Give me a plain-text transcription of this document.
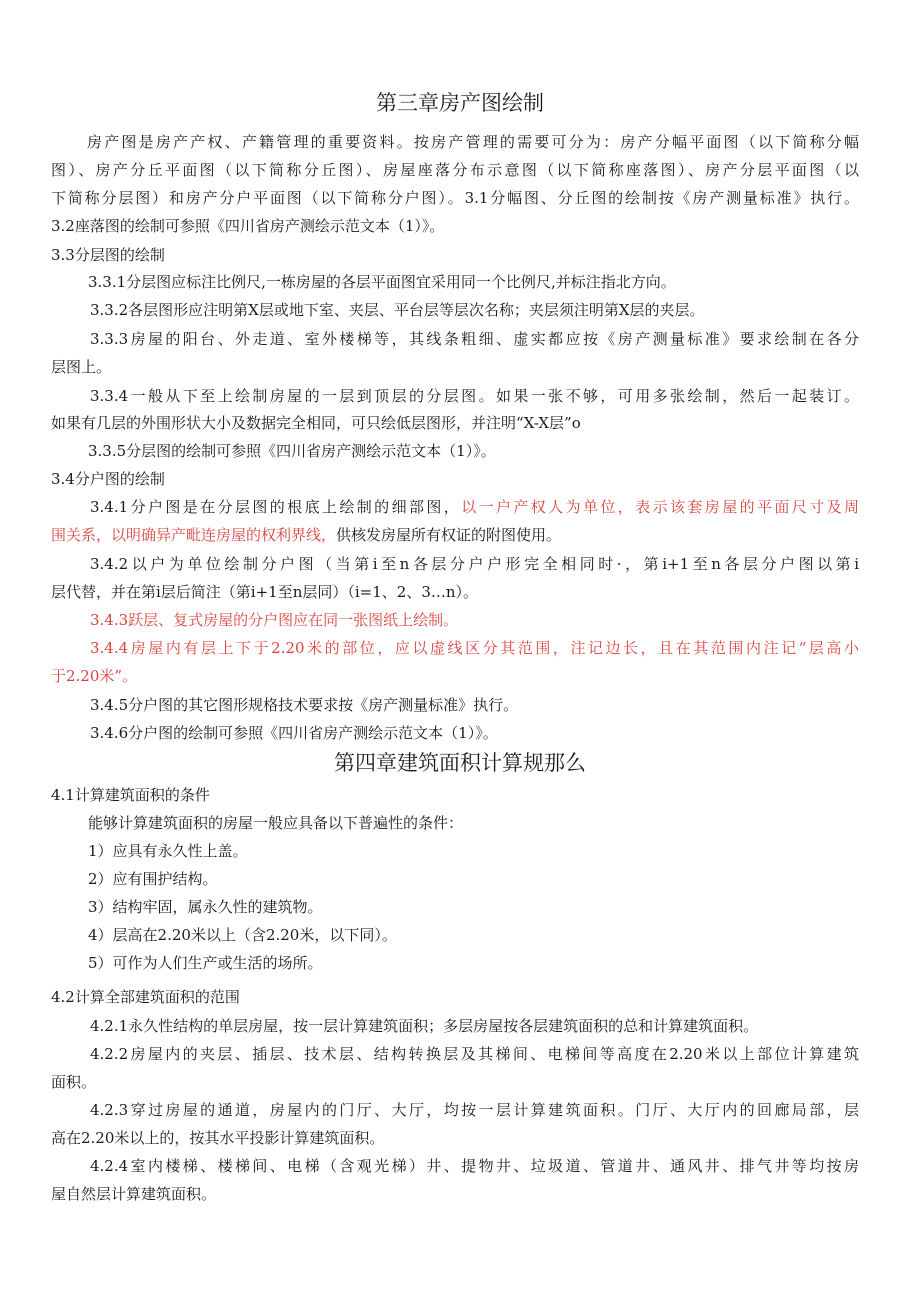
第三章房产图绘制
房产图是房产产权、产籍管理的重要资料。按房产管理的需要可分为：房产分幅平面图（以下简称分幅
图）、房产分丘平面图（以下简称分丘图）、房屋座落分布示意图（以下简称座落图）、房产分层平面图（以
下简称分层图）和房产分户平面图（以下简称分户图）。3.1分幅图、分丘图的绘制按《房产测量标准》执行。
3.2座落图的绘制可参照《四川省房产测绘示范文本（1）》。
3.3分层图的绘制
3.3.1分层图应标注比例尺,一栋房屋的各层平面图宜采用同一个比例尺,并标注指北方向。
3.3.2各层图形应注明第X层或地下室、夹层、平台层等层次名称；夹层须注明第X层的夹层。
3.3.3房屋的阳台、外走道、室外楼梯等，其线条粗细、虚实都应按《房产测量标准》要求绘制在各分
层图上。
3.3.4一般从下至上绘制房屋的一层到顶层的分层图。如果一张不够，可用多张绘制，然后一起装订。
如果有几层的外围形状大小及数据完全相同，可只绘低层图形，并注明“X-X层”o
3.3.5分层图的绘制可参照《四川省房产测绘示范文本（1）》。
3.4分户图的绘制
3.4.1分户图是在分层图的根底上绘制的细部图，以一户产权人为单位，表示该套房屋的平面尺寸及周
围关系，以明确异产毗连房屋的权利界线，供核发房屋所有权证的附图使用。
3.4.2以户为单位绘制分户图（当第i至n各层分户户形完全相同时·，第i+1至n各层分户图以第i
层代替，并在第i层后简注（第i+1至n层同）（i=1、2、3…n）。
3.4.3跃层、复式房屋的分户图应在同一张图纸上绘制。
3.4.4房屋内有层上下于2.20米的部位，应以虚线区分其范围，注记边长，且在其范围内注记“层高小
于2.20米”。
3.4.5分户图的其它图形规格技术要求按《房产测量标准》执行。
3.4.6分户图的绘制可参照《四川省房产测绘示范文本（1）》。
第四章建筑面积计算规那么
4.1计算建筑面积的条件
能够计算建筑面积的房屋一般应具备以下普遍性的条件：
1）应具有永久性上盖。
2）应有围护结构。
3）结构牢固，属永久性的建筑物。
4）层高在2.20米以上（含2.20米，以下同）。
5）可作为人们生产或生活的场所。
4.2计算全部建筑面积的范围
4.2.1永久性结构的单层房屋，按一层计算建筑面积；多层房屋按各层建筑面积的总和计算建筑面积。
4.2.2房屋内的夹层、插层、技术层、结构转换层及其梯间、电梯间等高度在2.20米以上部位计算建筑
面积。
4.2.3穿过房屋的通道，房屋内的门厅、大厅，均按一层计算建筑面积。门厅、大厅内的回廊局部，层
高在2.20米以上的，按其水平投影计算建筑面积。
4.2.4室内楼梯、楼梯间、电梯（含观光梯）井、提物井、垃圾道、管道井、通风井、排气井等均按房
屋自然层计算建筑面积。
